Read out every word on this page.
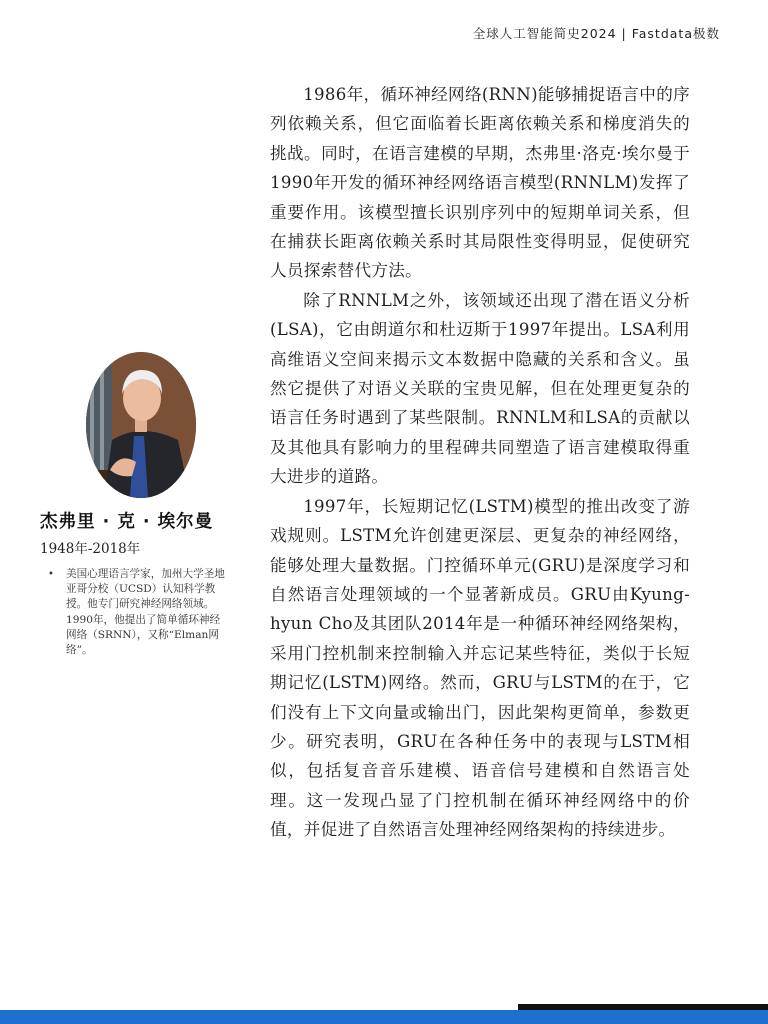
全球人工智能简史2024 | Fastdata极数
杰弗里 · 克 · 埃尔曼
1948年-2018年
• 美国心理语言学家，加州大学圣地亚哥分校（UCSD）认知科学教授。他专门研究神经网络领域。1990年，他提出了简单循环神经网络（SRNN），又称“Elman网络”。

1986年，循环神经网络(RNN)能够捕捉语言中的序列依赖关系，但它面临着长距离依赖关系和梯度消失的挑战。同时，在语言建模的早期，杰弗里·洛克·埃尔曼于1990年开发的循环神经网络语言模型(RNNLM)发挥了重要作用。该模型擅长识别序列中的短期单词关系，但在捕获长距离依赖关系时其局限性变得明显，促使研究人员探索替代方法。

除了RNNLM之外，该领域还出现了潜在语义分析(LSA)，它由朗道尔和杜迈斯于1997年提出。LSA利用高维语义空间来揭示文本数据中隐藏的关系和含义。虽然它提供了对语义关联的宝贵见解，但在处理更复杂的语言任务时遇到了某些限制。RNNLM和LSA的贡献以及其他具有影响力的里程碑共同塑造了语言建模取得重大进步的道路。

1997年，长短期记忆(LSTM)模型的推出改变了游戏规则。LSTM允许创建更深层、更复杂的神经网络，能够处理大量数据。门控循环单元(GRU)是深度学习和自然语言处理领域的一个显著新成员。GRU由Kyung-hyun Cho及其团队2014年是一种循环神经网络架构，采用门控机制来控制输入并忘记某些特征，类似于长短期记忆(LSTM)网络。然而，GRU与LSTM的在于，它们没有上下文向量或输出门，因此架构更简单，参数更少。研究表明，GRU在各种任务中的表现与LSTM相似，包括复音音乐建模、语音信号建模和自然语言处理。这一发现凸显了门控机制在循环神经网络中的价值，并促进了自然语言处理神经网络架构的持续进步。
